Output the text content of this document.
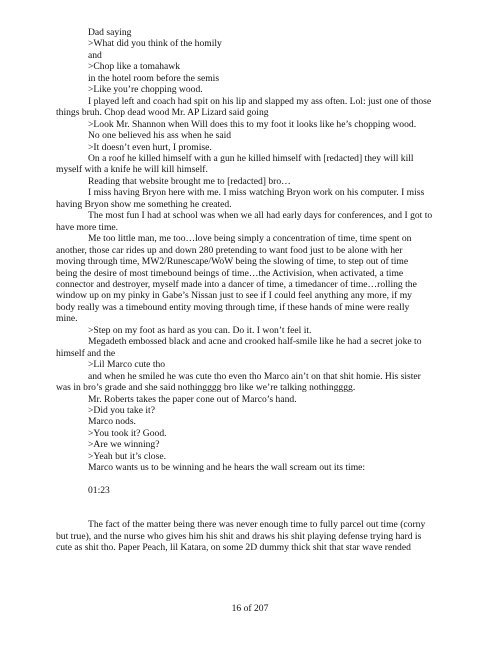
Dad saying
>What did you think of the homily
and
>Chop like a tomahawk
in the hotel room before the semis
>Like you’re chopping wood.
I played left and coach had spit on his lip and slapped my ass often. Lol: just one of those
things bruh. Chop dead wood Mr. AP Lizard said going
>Look Mr. Shannon when Will does this to my foot it looks like he’s chopping wood.
No one believed his ass when he said
>It doesn’t even hurt, I promise.
On a roof he killed himself with a gun he killed himself with [redacted] they will kill
myself with a knife he will kill himself.
Reading that website brought me to [redacted] bro…
I miss having Bryon here with me. I miss watching Bryon work on his computer. I miss
having Bryon show me something he created.
The most fun I had at school was when we all had early days for conferences, and I got to
have more time.
Me too little man, me too…love being simply a concentration of time, time spent on
another, those car rides up and down 280 pretending to want food just to be alone with her
moving through time, MW2/Runescape/WoW being the slowing of time, to step out of time
being the desire of most timebound beings of time…the Activision, when activated, a time
connector and destroyer, myself made into a dancer of time, a timedancer of time…rolling the
window up on my pinky in Gabe’s Nissan just to see if I could feel anything any more, if my
body really was a timebound entity moving through time, if these hands of mine were really
mine.
>Step on my foot as hard as you can. Do it. I won’t feel it.
Megadeth embossed black and acne and crooked half-smile like he had a secret joke to
himself and the
>Lil Marco cute tho
and when he smiled he was cute tho even tho Marco ain’t on that shit homie. His sister
was in bro’s grade and she said nothingggg bro like we’re talking nothingggg.
Mr. Roberts takes the paper cone out of Marco’s hand.
>Did you take it?
Marco nods.
>You took it? Good.
>Are we winning?
>Yeah but it’s close.
Marco wants us to be winning and he hears the wall scream out its time:
01:23
The fact of the matter being there was never enough time to fully parcel out time (corny
but true), and the nurse who gives him his shit and draws his shit playing defense trying hard is
cute as shit tho. Paper Peach, lil Katara, on some 2D dummy thick shit that star wave rended
16 of 207
